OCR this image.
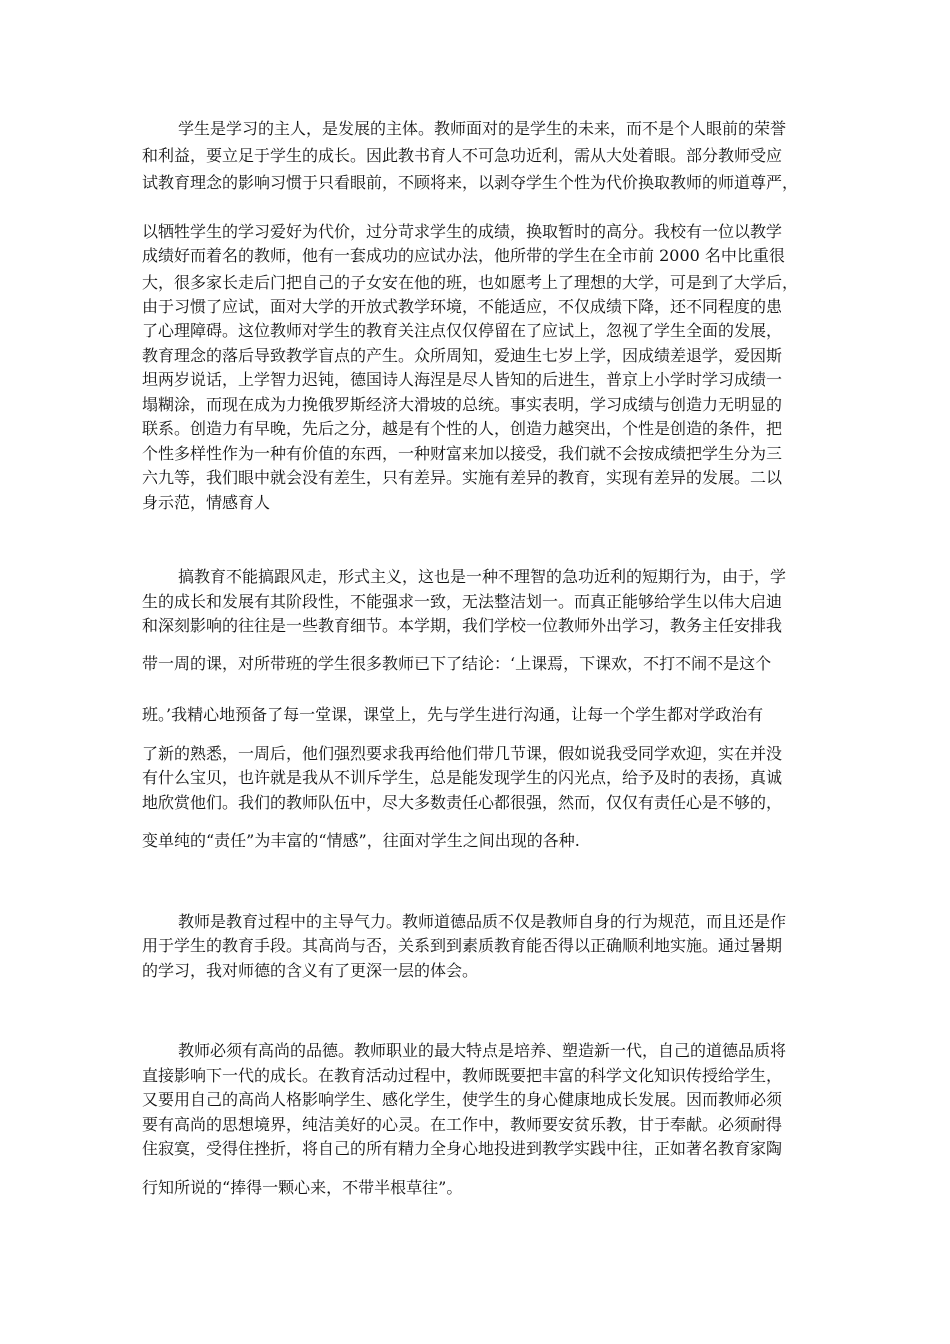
学生是学习的主人，是发展的主体。教师面对的是学生的未来，而不是个人眼前的荣誉
和利益，要立足于学生的成长。因此教书育人不可急功近利，需从大处着眼。部分教师受应
试教育理念的影响习惯于只看眼前，不顾将来，以剥夺学生个性为代价换取教师的师道尊严，
以牺牲学生的学习爱好为代价，过分苛求学生的成绩，换取暂时的高分。我校有一位以教学
成绩好而着名的教师，他有一套成功的应试办法，他所带的学生在全市前 2000 名中比重很
大，很多家长走后门把自己的子女安在他的班，也如愿考上了理想的大学，可是到了大学后，
由于习惯了应试，面对大学的开放式教学环境，不能适应，不仅成绩下降，还不同程度的患
了心理障碍。这位教师对学生的教育关注点仅仅停留在了应试上，忽视了学生全面的发展，
教育理念的落后导致教学盲点的产生。众所周知，爱迪生七岁上学，因成绩差退学，爱因斯
坦两岁说话，上学智力迟钝，德国诗人海涅是尽人皆知的后进生，普京上小学时学习成绩一
塌糊涂，而现在成为力挽俄罗斯经济大滑坡的总统。事实表明，学习成绩与创造力无明显的
联系。创造力有早晚，先后之分，越是有个性的人，创造力越突出，个性是创造的条件，把
个性多样性作为一种有价值的东西，一种财富来加以接受，我们就不会按成绩把学生分为三
六九等，我们眼中就会没有差生，只有差异。实施有差异的教育，实现有差异的发展。二以
身示范，情感育人
搞教育不能搞跟风走，形式主义，这也是一种不理智的急功近利的短期行为，由于，学
生的成长和发展有其阶段性，不能强求一致，无法整洁划一。而真正能够给学生以伟大启迪
和深刻影响的往往是一些教育细节。本学期，我们学校一位教师外出学习，教务主任安排我
带一周的课，对所带班的学生很多教师已下了结论：‘上课焉，下课欢，不打不闹不是这个
班。’我精心地预备了每一堂课，课堂上，先与学生进行沟通，让每一个学生都对学政治有
了新的熟悉，一周后，他们强烈要求我再给他们带几节课，假如说我受同学欢迎，实在并没
有什么宝贝，也许就是我从不训斥学生，总是能发现学生的闪光点，给予及时的表扬，真诚
地欣赏他们。我们的教师队伍中，尽大多数责任心都很强，然而，仅仅有责任心是不够的，
变单纯的“责任”为丰富的“情感”，往面对学生之间出现的各种.
教师是教育过程中的主导气力。教师道德品质不仅是教师自身的行为规范，而且还是作
用于学生的教育手段。其高尚与否，关系到到素质教育能否得以正确顺利地实施。通过暑期
的学习，我对师德的含义有了更深一层的体会。
教师必须有高尚的品德。教师职业的最大特点是培养、塑造新一代，自己的道德品质将
直接影响下一代的成长。在教育活动过程中，教师既要把丰富的科学文化知识传授给学生，
又要用自己的高尚人格影响学生、感化学生，使学生的身心健康地成长发展。因而教师必须
要有高尚的思想境界，纯洁美好的心灵。在工作中，教师要安贫乐教，甘于奉献。必须耐得
住寂寞，受得住挫折，将自己的所有精力全身心地投进到教学实践中往，正如著名教育家陶
行知所说的“捧得一颗心来，不带半根草往”。
